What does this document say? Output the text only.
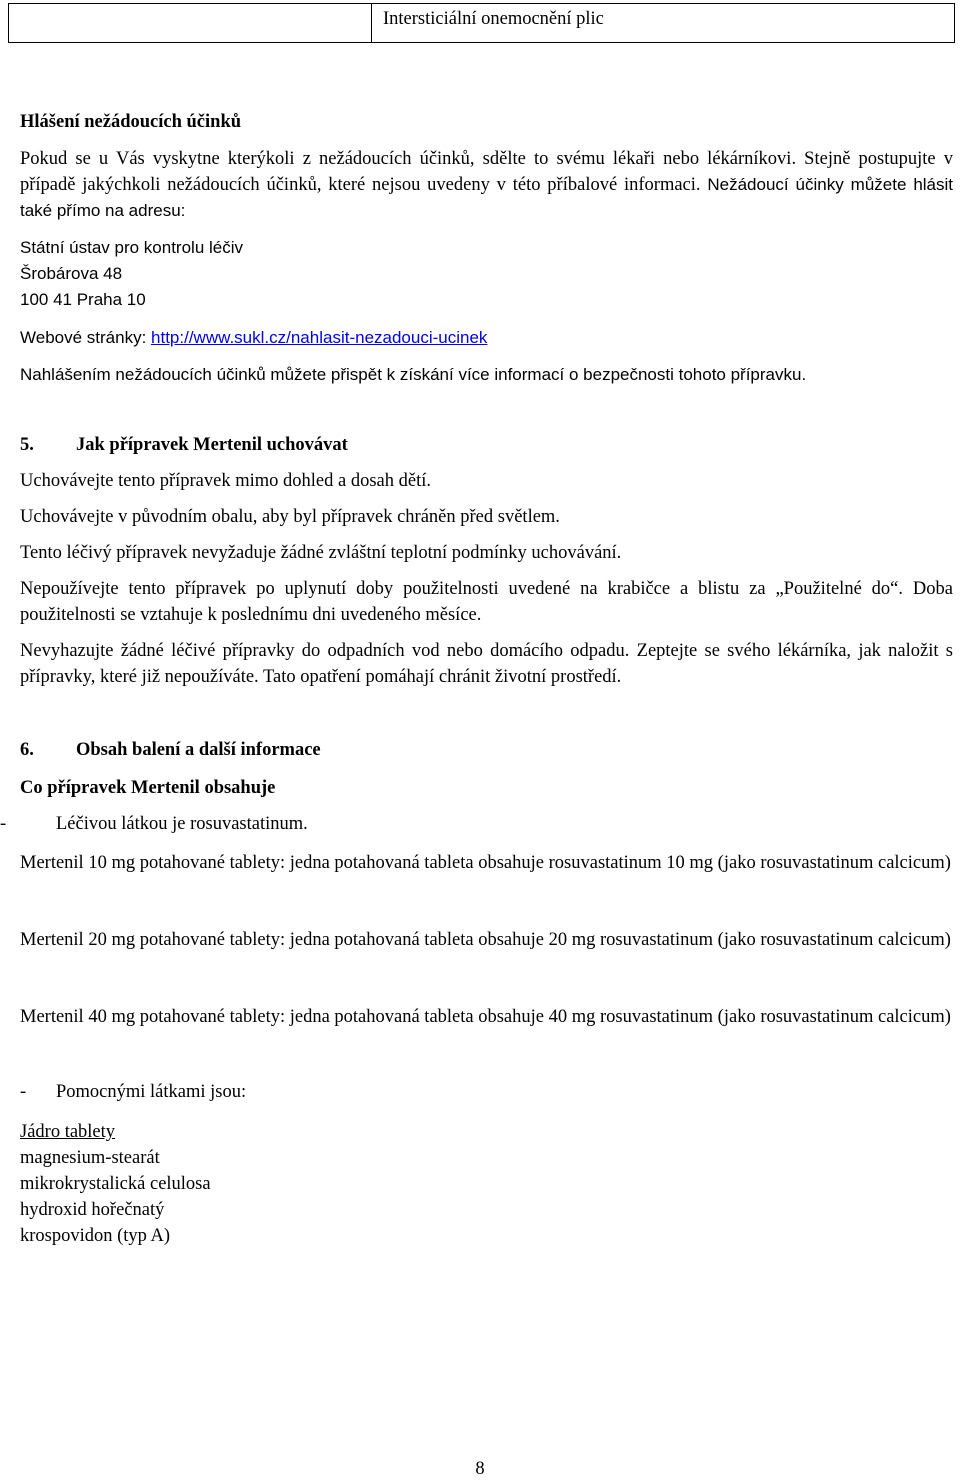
Intersticiální onemocnění plic
Hlášení nežádoucích účinků

Pokud se u Vás vyskytne kterýkoli z nežádoucích účinků, sdělte to svému lékaři nebo lékárníkovi. Stejně postupujte v případě jakýchkoli nežádoucích účinků, které nejsou uvedeny v této příbalové informaci. Nežádoucí účinky můžete hlásit také přímo na adresu:

Státní ústav pro kontrolu léčiv
Šrobárova 48
100 41 Praha 10

Webové stránky: http://www.sukl.cz/nahlasit-nezadouci-ucinek

Nahlášením nežádoucích účinků můžete přispět k získání více informací o bezpečnosti tohoto přípravku.

5. Jak přípravek Mertenil uchovávat

Uchovávejte tento přípravek mimo dohled a dosah dětí.

Uchovávejte v původním obalu, aby byl přípravek chráněn před světlem.

Tento léčivý přípravek nevyžaduje žádné zvláštní teplotní podmínky uchovávání.

Nepoužívejte tento přípravek po uplynutí doby použitelnosti uvedené na krabičce a blistu za „Použitelné do“. Doba použitelnosti se vztahuje k poslednímu dni uvedeného měsíce.

Nevyhazujte žádné léčivé přípravky do odpadních vod nebo domácího odpadu. Zeptejte se svého lékárníka, jak naložit s přípravky, které již nepoužíváte. Tato opatření pomáhají chránit životní prostředí.

6. Obsah balení a další informace
Co přípravek Mertenil obsahuje

-	Léčivou látkou je rosuvastatinum.

Mertenil 10 mg potahované tablety: jedna potahovaná tableta obsahuje rosuvastatinum 10 mg (jako rosuvastatinum calcicum)

Mertenil 20 mg potahované tablety: jedna potahovaná tableta obsahuje 20 mg rosuvastatinum (jako rosuvastatinum calcicum)

Mertenil 40 mg potahované tablety: jedna potahovaná tableta obsahuje 40 mg rosuvastatinum (jako rosuvastatinum calcicum)

- Pomocnými látkami jsou:

Jádro tablety
magnesium-stearát
mikrokrystalická celulosa
hydroxid hořečnatý
krospovidon (typ A)
8
